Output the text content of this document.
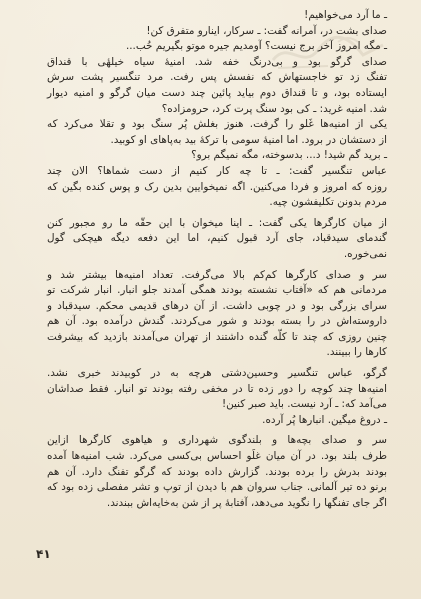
ـ ما آرد می‌خواهیم!
صدای بشت در، آمرانه گفت: ـ سرکار، اینارو متفرق کن!
ـ مگه امروز آخر برج نیست؟ آومدیم جیره موتو بگیریم خُب...
صدای گرگو بود و بی‌درنگ خفه شد. امنیهٔ سیاه خیلهٔی با قنداق
تفنگ زد تو خاجستهاش که نفسش پس رفت. مرد تنگسیر پشت سرش
ایستاده بود، و تا قنداق دوم بیاید پائین چند دست میان گرگو و امنیه دیوار
شد. امنیه غرید: ـ کی بود سنگ پرت کرد، حرومزاده؟
یکی از امنیه‌ها غَلو را گرفت. هنوز بغلش پُر سنگ بود و تقلا می‌کرد که
از دستشان در برود. اما امنیهٔ سومی با ترکهٔ بید به‌پاهای او کوبید.
ـ برید گم شید! د... بدسوخته، مگه نمیگم برو؟
عباس تنگسیر گفت: ـ تا چه کار کنیم از دست شماها؟ الان چند
روزه که امروز و فردا می‌کنین. اگه نمیخوایین بدین رک و پوس کنده بگین که
مردم بدونن تکلیفشون چیه.
از میان کارگرها یکی گفت: ـ اینا میخوان با این حقّه ما رو مجبور کنن
گندمای سیدقباد، جای آرد قبول کنیم، اما این دفعه دیگه هیچکی گول
نمی‌خوره.
سر و صدای کارگرها کم‌کم بالا می‌گرفت. تعداد امنیه‌ها بیشتر شد و
مردمانی هم که «آفتاب نشسته بودند همگی آمدند جلو انبار. انبار شرکت تو
سرای بزرگی بود و در چوبی داشت. از آن درهای قدیمی محکم. سیدقباد و
داروسته‌اش در را بسته بودند و شور می‌کردند. گندش درآمده بود. آن هم
چنین روزی که چند تا کلّه گنده داشتند از تهران می‌آمدند بازدید که بیشرفت
کارها را ببینند.
گرگو، عباس تنگسیر وحسین‌دشتی هرچه به در کوبیدند خبری نشد.
امنیه‌ها چند کوچه را دور زده تا در مخفی رفته بودند تو انبار. فقط صداشان
می‌آمد که: ـ آرد نیست. باید صبر کنین!
ـ دروغ میگین. انبارها پُر آرده.
سر و صدای بچه‌ها و بلندگوی شهرداری و هیاهوی کارگرها ازاین
طرف بلند بود. در آن میان غلَو احساس بی‌کسی می‌کرد. شب امنیه‌ها آمده
بودند بدرش را برده بودند. گزارش داده بودند که گرگو تفنگ دارد. آن هم
برنو ده تیر آلمانی. جناب سروان هم با دیدن از توپ و تشر مفصلی زده بود که
اگر جای تفنگها را نگوید می‌دهد، آفتابهٔ پر از شن به‌خایه‌اش ببندند.
۴۱
